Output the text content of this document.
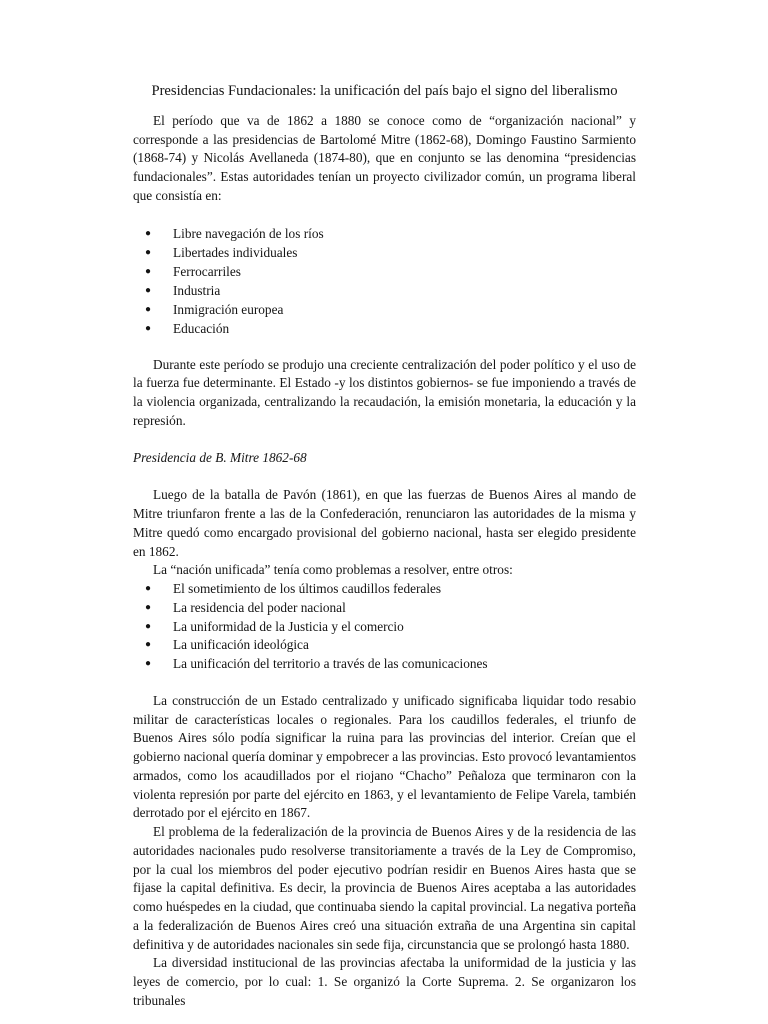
Presidencias Fundacionales: la unificación del país bajo el signo del liberalismo

El período que va de 1862 a 1880 se conoce como de “organización nacional” y corresponde a las presidencias de Bartolomé Mitre (1862-68), Domingo Faustino Sarmiento (1868-74) y Nicolás Avellaneda (1874-80), que en conjunto se las denomina “presidencias fundacionales”. Estas autoridades tenían un proyecto civilizador común, un programa liberal que consistía en:

● Libre navegación de los ríos
● Libertades individuales
● Ferrocarriles
● Industria
● Inmigración europea
● Educación

Durante este período se produjo una creciente centralización del poder político y el uso de la fuerza fue determinante. El Estado -y los distintos gobiernos- se fue imponiendo a través de la violencia organizada, centralizando la recaudación, la emisión monetaria, la educación y la represión.

Presidencia de B. Mitre 1862-68

Luego de la batalla de Pavón (1861), en que las fuerzas de Buenos Aires al mando de Mitre triunfaron frente a las de la Confederación, renunciaron las autoridades de la misma y Mitre quedó como encargado provisional del gobierno nacional, hasta ser elegido presidente en 1862.

La “nación unificada” tenía como problemas a resolver, entre otros:

● El sometimiento de los últimos caudillos federales
● La residencia del poder nacional
● La uniformidad de la Justicia y el comercio
● La unificación ideológica
● La unificación del territorio a través de las comunicaciones

La construcción de un Estado centralizado y unificado significaba liquidar todo resabio militar de características locales o regionales. Para los caudillos federales, el triunfo de Buenos Aires sólo podía significar la ruina para las provincias del interior. Creían que el gobierno nacional quería dominar y empobrecer a las provincias. Esto provocó levantamientos armados, como los acaudillados por el riojano “Chacho” Peñaloza que terminaron con la violenta represión por parte del ejército en 1863, y el levantamiento de Felipe Varela, también derrotado por el ejército en 1867.

El problema de la federalización de la provincia de Buenos Aires y de la residencia de las autoridades nacionales pudo resolverse transitoriamente a través de la Ley de Compromiso, por la cual los miembros del poder ejecutivo podrían residir en Buenos Aires hasta que se fijase la capital definitiva. Es decir, la provincia de Buenos Aires aceptaba a las autoridades como huéspedes en la ciudad, que continuaba siendo la capital provincial. La negativa porteña a la federalización de Buenos Aires creó una situación extraña de una Argentina sin capital definitiva y de autoridades nacionales sin sede fija, circunstancia que se prolongó hasta 1880.

La diversidad institucional de las provincias afectaba la uniformidad de la justicia y las leyes de comercio, por lo cual: 1. Se organizó la Corte Suprema. 2. Se organizaron los tribunales
